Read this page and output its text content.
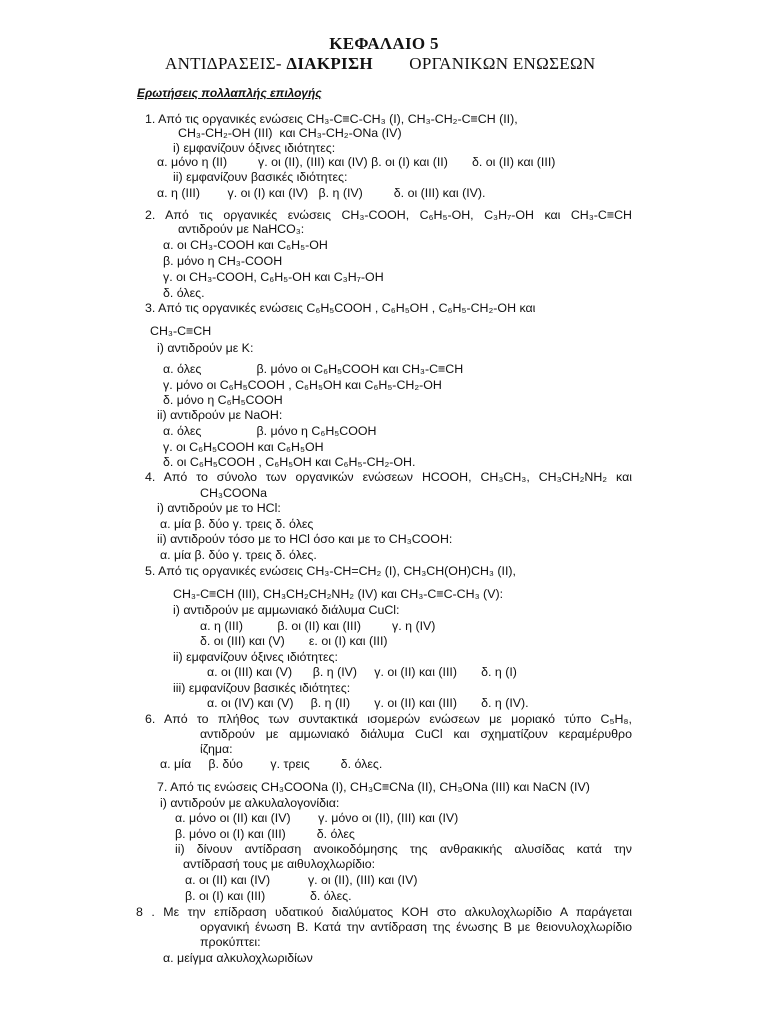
ΚΕΦΑΛΑΙΟ 5
ΑΝΤΙΔΡΑΣΕΙΣ- ΔΙΑΚΡΙΣΗ        ΟΡΓΑΝΙΚΩΝ ΕΝΩΣΕΩΝ
Ερωτήσεις πολλαπλής επιλογής
1. Από τις οργανικές ενώσεις CH₃-C≡C-CH₃ (I), CH₃-CH₂-C≡CH (II),
CH₃-CH₂-OH (III)  και CH₃-CH₂-ONa (IV)
i) εμφανίζουν όξινες ιδιότητες:
α. μόνο η (II)         γ. οι (II), (III) και (IV) β. οι (I) και (II)       δ. οι (II) και (III)
ii) εμφανίζουν βασικές ιδιότητες:
α. η (III)        γ. οι (I) και (IV)   β. η (IV)         δ. οι (III) και (IV).
2. Από τις οργανικές ενώσεις CH₃-COOH, C₆H₅-OH, C₃H₇-OH και CH₃-C≡CH
αντιδρούν με NaHCO₃:
α. οι CH₃-COOH και C₆H₅-OH
β. μόνο η CH₃-COOH
γ. οι CH₃-COOH, C₆H₅-OH και C₃H₇-OH
δ. όλες.
3. Από τις οργανικές ενώσεις C₆H₅COOH , C₆H₅OH , C₆H₅-CH₂-OH και
CH₃-C≡CH
i) αντιδρούν με K:
α. όλες                β. μόνο οι C₆H₅COOH και CH₃-C≡CH
γ. μόνο οι C₆H₅COOH , C₆H₅OH και C₆H₅-CH₂-OH
δ. μόνο η C₆H₅COOH
ii) αντιδρούν με NaOH:
α. όλες                β. μόνο η C₆H₅COOH
γ. οι C₆H₅COOH και C₆H₅OH
δ. οι C₆H₅COOH , C₆H₅OH και C₆H₅-CH₂-OH.
4. Από το σύνολο των οργανικών ενώσεων HCOOH, CH₃CH₃, CH₃CH₂NH₂ και
CH₃COONa
i) αντιδρούν με το HCl:
α. μία β. δύο γ. τρεις δ. όλες
ii) αντιδρούν τόσο με το HCl όσο και με το CH₃COOH:
α. μία β. δύο γ. τρεις δ. όλες.
5. Από τις οργανικές ενώσεις CH₃-CH=CH₂ (I), CH₃CH(OH)CH₃ (II),
CH₃-C≡CH (III), CH₃CH₂CH₂NH₂ (IV) και CH₃-C≡C-CH₃ (V):
i) αντιδρούν με αμμωνιακό διάλυμα CuCl:
α. η (III)          β. οι (II) και (III)         γ. η (IV)
δ. οι (III) και (V)       ε. οι (I) και (III)
ii) εμφανίζουν όξινες ιδιότητες:
α. οι (III) και (V)      β. η (IV)     γ. οι (II) και (III)       δ. η (I)
iii) εμφανίζουν βασικές ιδιότητες:
α. οι (IV) και (V)     β. η (II)       γ. οι (II) και (III)       δ. η (IV).
6. Από το πλήθος των συντακτικά ισομερών ενώσεων με μοριακό τύπο C₅H₈,
αντιδρούν με αμμωνιακό διάλυμα CuCl και σχηματίζουν κεραμέρυθρο
ίζημα:
α. μία     β. δύο        γ. τρεις         δ. όλες.
7. Από τις ενώσεις CH₃COONa (I), CH₃C≡CNa (II), CH₃ONa (III) και NaCN (IV)
i) αντιδρούν με αλκυλαλογονίδια:
α. μόνο οι (II) και (IV)        γ. μόνο οι (II), (III) και (IV)
β. μόνο οι (I) και (III)         δ. όλες
ii) δίνουν αντίδραση ανοικοδόμησης της ανθρακικής αλυσίδας κατά την
αντίδρασή τους με αιθυλοχλωρίδιο:
α. οι (II) και (IV)           γ. οι (II), (III) και (IV)
β. οι (I) και (III)             δ. όλες.
8 . Με την επίδραση υδατικού διαλύματος KOH στο αλκυλοχλωρίδιο Α παράγεται
οργανική ένωση Β. Κατά την αντίδραση της ένωσης Β με θειονυλοχλωρίδιο
προκύπτει:
α. μείγμα αλκυλοχλωριδίων
